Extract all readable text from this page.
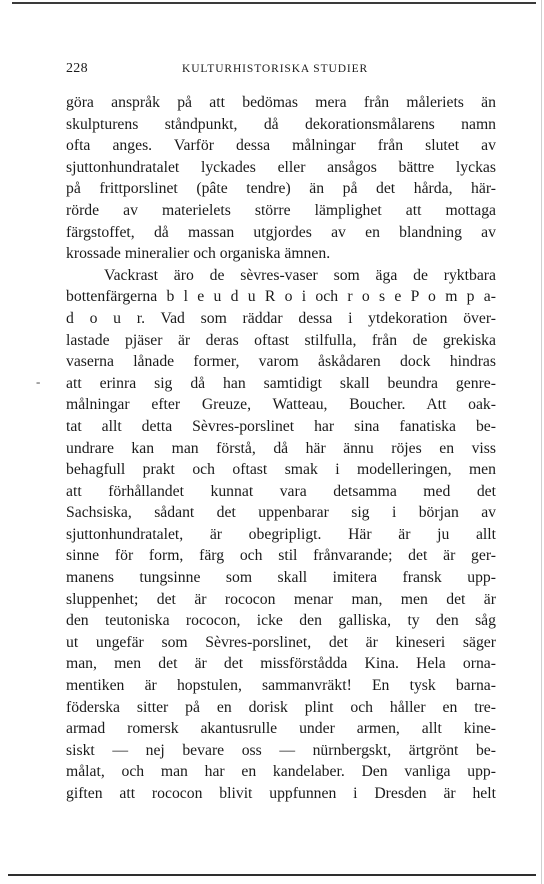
228	KULTURHISTORISKA STUDIER
-
göra anspråk på att bedömas mera från måleriets än
skulpturens ståndpunkt, då dekorationsmålarens namn
ofta anges. Varför dessa målningar från slutet av
sjuttonhundratalet lyckades eller ansågos bättre lyckas
på frittporslinet (pâte tendre) än på det hårda, här-
rörde av materielets större lämplighet att mottaga
färgstoffet, då massan utgjordes av en blandning av
krossade mineralier och organiska ämnen.
Vackrast äro de sèvres-vaser som äga de ryktbara
bottenfärgerna b l e u d u R o i och r o s e P o m p a-
d o u r. Vad som räddar dessa i ytdekoration över-
lastade pjäser är deras oftast stilfulla, från de grekiska
vaserna lånade former, varom åskådaren dock hindras
att erinra sig då han samtidigt skall beundra genre-
målningar efter Greuze, Watteau, Boucher. Att oak-
tat allt detta Sèvres-porslinet har sina fanatiska be-
undrare kan man förstå, då här ännu röjes en viss
behagfull prakt och oftast smak i modelleringen, men
att förhållandet kunnat vara detsamma med det
Sachsiska, sådant det uppenbarar sig i början av
sjuttonhundratalet, är obegripligt. Här är ju allt
sinne för form, färg och stil frånvarande; det är ger-
manens tungsinne som skall imitera fransk upp-
sluppenhet; det är rococon menar man, men det är
den teutoniska rococon, icke den galliska, ty den såg
ut ungefär som Sèvres-porslinet, det är kineseri säger
man, men det är det missförstådda Kina. Hela orna-
mentiken är hopstulen, sammanvräkt! En tysk barna-
föderska sitter på en dorisk plint och håller en tre-
armad romersk akantusrulle under armen, allt kine-
siskt — nej bevare oss — nürnbergskt, ärtgrönt be-
målat, och man har en kandelaber. Den vanliga upp-
giften att rococon blivit uppfunnen i Dresden är helt
